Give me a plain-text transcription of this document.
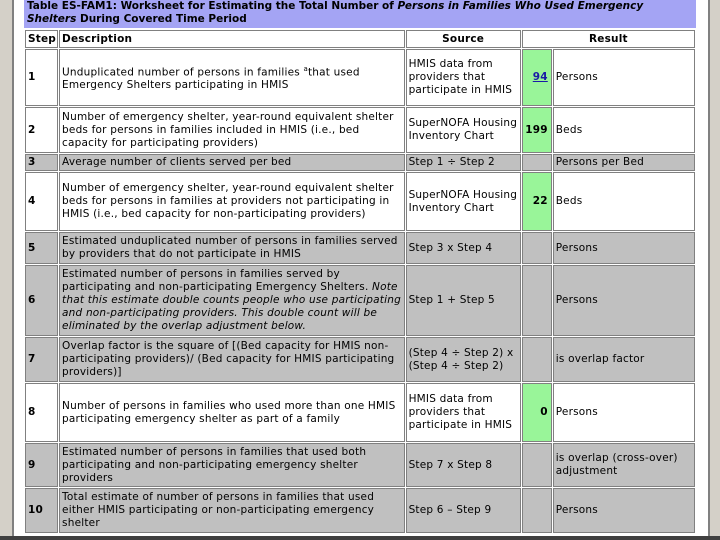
Table ES-FAM1: Worksheet for Estimating the Total Number of Persons in Families Who Used Emergency Shelters During Covered Time Period
Step	Description	Source	Result	
1	Unduplicated number of persons in families $^a$that used Emergency Shelters participating in HMIS	HMIS data from providers that participate in HMIS	94	Persons
2	Number of emergency shelter, year-round equivalent shelter beds for persons in families included in HMIS (i.e., bed capacity for participating providers)	SuperNOFA Housing Inventory Chart	199	Beds
3	Average number of clients served per bed	Step 1 ÷ Step 2		Persons per Bed
4	Number of emergency shelter, year-round equivalent shelter beds for persons in families at providers not participating in HMIS (i.e., bed capacity for non-participating providers)	SuperNOFA Housing Inventory Chart	22	Beds
5	Estimated unduplicated number of persons in families served by providers that do not participate in HMIS	Step 3 x Step 4		Persons
6	Estimated number of persons in families served by participating and non-participating Emergency Shelters. Note that this estimate double counts people who use participating and non-participating providers. This double count will be eliminated by the overlap adjustment below.	Step 1 + Step 5		Persons
7	Overlap factor is the square of [(Bed capacity for HMIS non-participating providers)/ (Bed capacity for HMIS participating providers)]	(Step 4 ÷ Step 2) x (Step 4 ÷ Step 2)		is overlap factor
8	Number of persons in families who used more than one HMIS participating emergency shelter as part of a family	HMIS data from providers that participate in HMIS	0	Persons
9	Estimated number of persons in families that used both participating and non-participating emergency shelter providers	Step 7 x Step 8		is overlap (cross-over) adjustment
10	Total estimate of number of persons in families that used either HMIS participating or non-participating emergency shelter	Step 6 – Step 9		Persons
